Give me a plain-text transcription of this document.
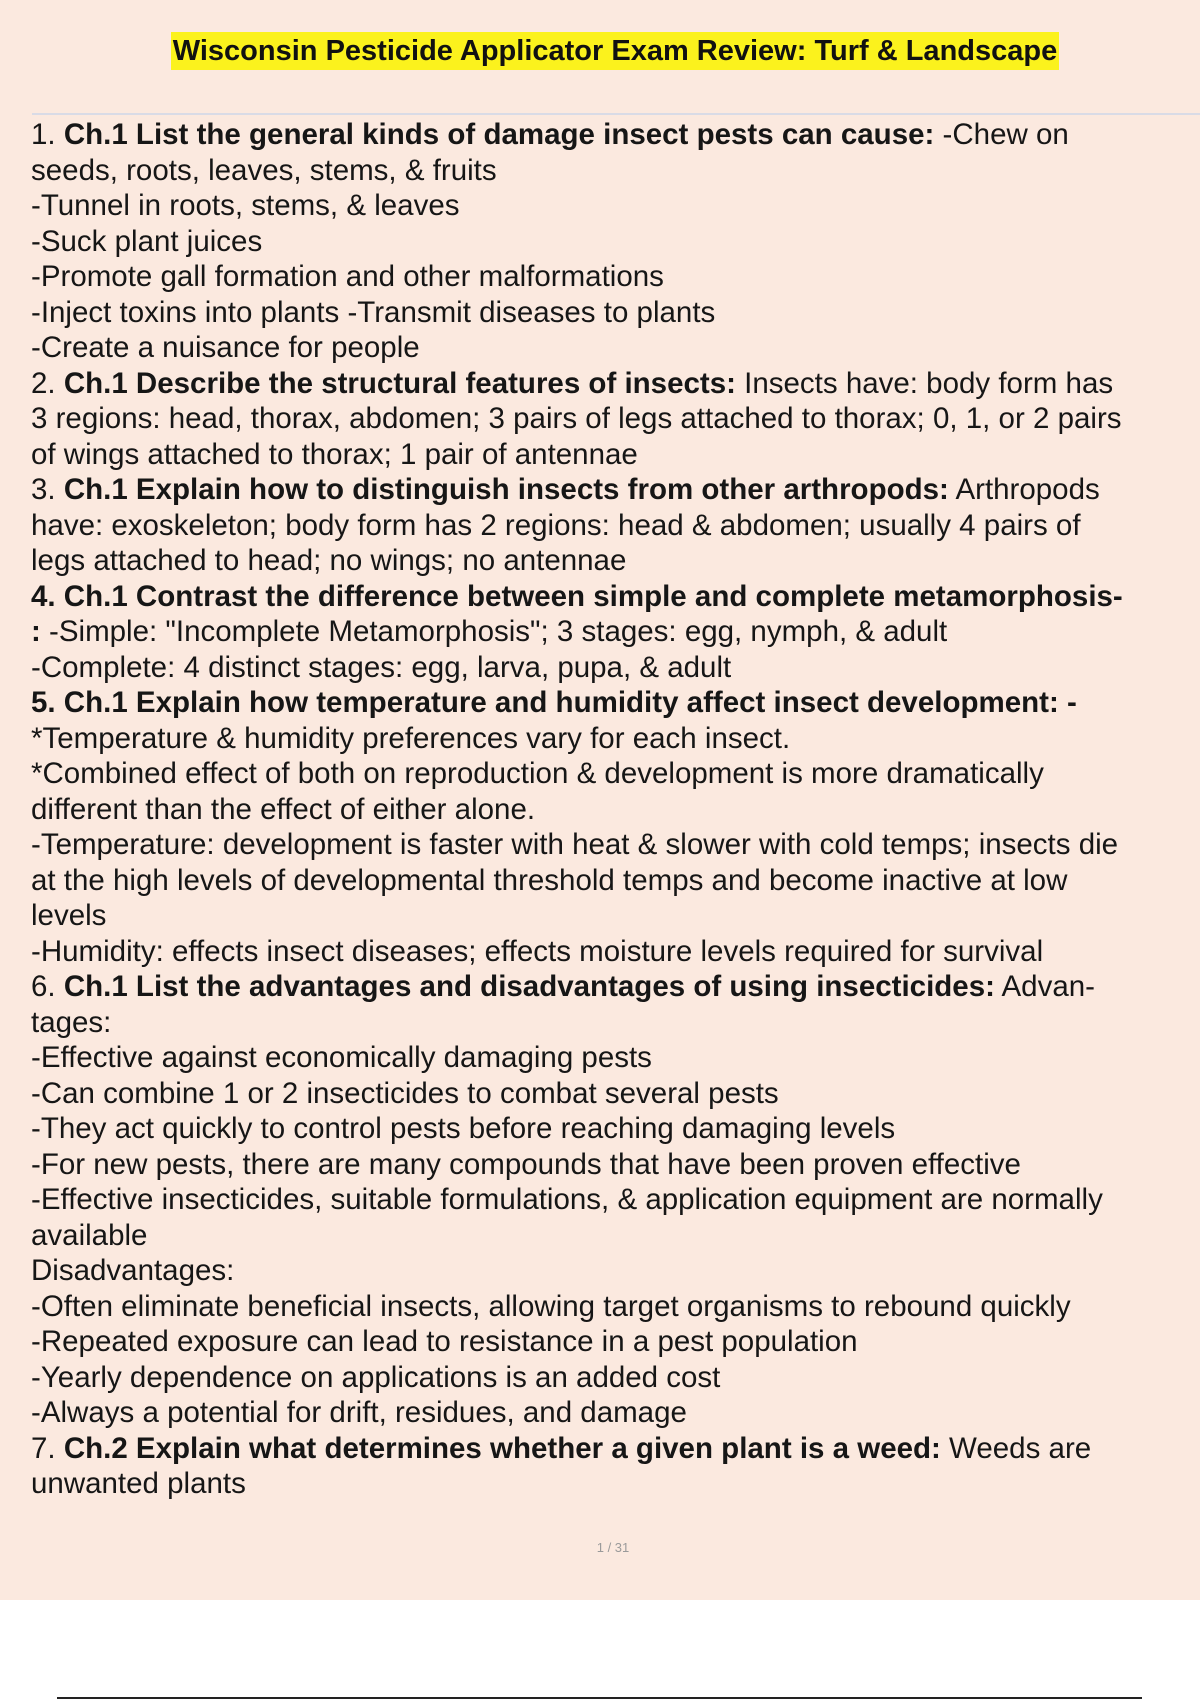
Wisconsin Pesticide Applicator Exam Review: Turf & Landscape
1. Ch.1 List the general kinds of damage insect pests can cause: -Chew on
seeds, roots, leaves, stems, & fruits
-Tunnel in roots, stems, & leaves
-Suck plant juices
-Promote gall formation and other malformations
-Inject toxins into plants -Transmit diseases to plants
-Create a nuisance for people
2. Ch.1 Describe the structural features of insects: Insects have: body form has
3 regions: head, thorax, abdomen; 3 pairs of legs attached to thorax; 0, 1, or 2 pairs
of wings attached to thorax; 1 pair of antennae
3. Ch.1 Explain how to distinguish insects from other arthropods: Arthropods
have: exoskeleton; body form has 2 regions: head & abdomen; usually 4 pairs of
legs attached to head; no wings; no antennae
4. Ch.1 Contrast the difference between simple and complete metamorphosis-
: -Simple: "Incomplete Metamorphosis"; 3 stages: egg, nymph, & adult
-Complete: 4 distinct stages: egg, larva, pupa, & adult
5. Ch.1 Explain how temperature and humidity affect insect development: -
*Temperature & humidity preferences vary for each insect.
*Combined effect of both on reproduction & development is more dramatically
different than the effect of either alone.
-Temperature: development is faster with heat & slower with cold temps; insects die
at the high levels of developmental threshold temps and become inactive at low
levels
-Humidity: effects insect diseases; effects moisture levels required for survival
6. Ch.1 List the advantages and disadvantages of using insecticides: Advan-
tages:
-Effective against economically damaging pests
-Can combine 1 or 2 insecticides to combat several pests
-They act quickly to control pests before reaching damaging levels
-For new pests, there are many compounds that have been proven effective
-Effective insecticides, suitable formulations, & application equipment are normally
available
Disadvantages:
-Often eliminate beneficial insects, allowing target organisms to rebound quickly
-Repeated exposure can lead to resistance in a pest population
-Yearly dependence on applications is an added cost
-Always a potential for drift, residues, and damage
7. Ch.2 Explain what determines whether a given plant is a weed: Weeds are
unwanted plants
1 / 31
